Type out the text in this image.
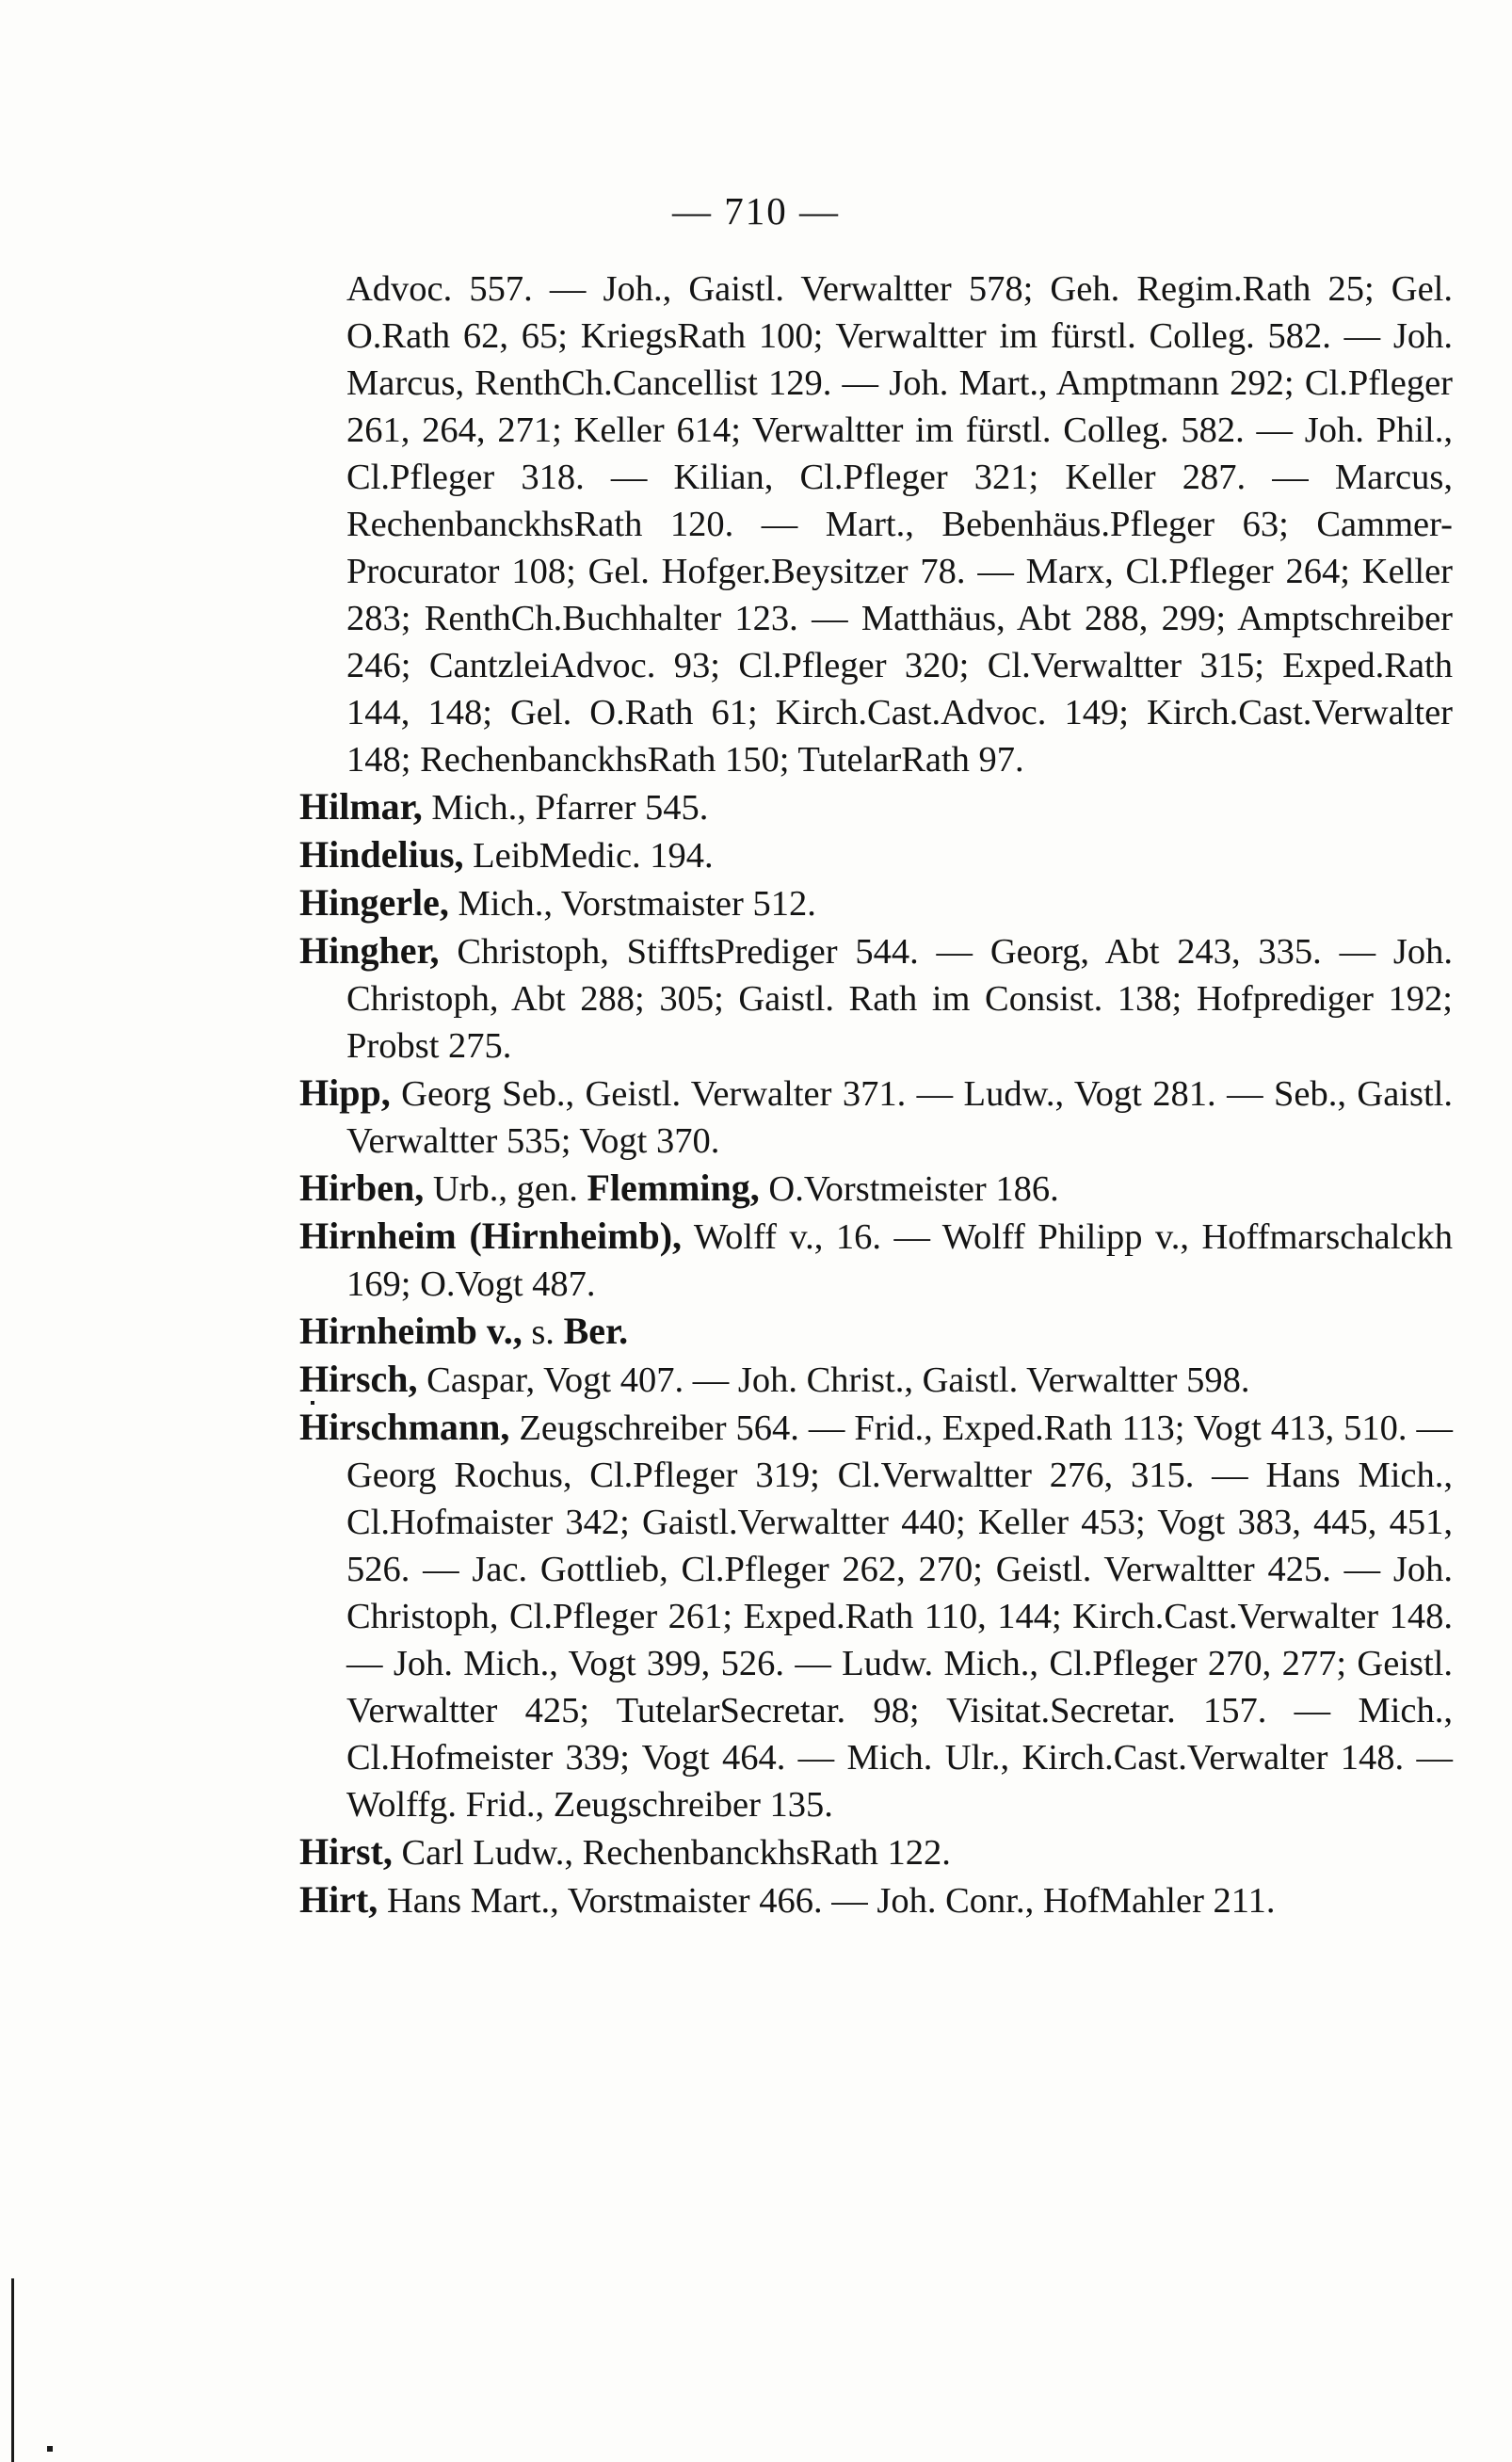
— 710 —

Advoc. 557. — Joh., Gaistl. Verwaltter 578; Geh. Regim.Rath 25; Gel. O.Rath 62, 65; KriegsRath 100; Verwaltter im fürstl. Colleg. 582. — Joh. Marcus, RenthCh.Cancellist 129. — Joh. Mart., Amptmann 292; Cl.Pfleger 261, 264, 271; Keller 614; Verwaltter im fürstl. Colleg. 582. — Joh. Phil., Cl.Pfleger 318. — Kilian, Cl.Pfleger 321; Keller 287. — Marcus, RechenbanckhsRath 120. — Mart., Bebenhäus.Pfleger 63; Cammer-Procurator 108; Gel. Hofger.Beysitzer 78. — Marx, Cl.Pfleger 264; Keller 283; RenthCh.Buchhalter 123. — Matthäus, Abt 288, 299; Amptschreiber 246; CantzleiAdvoc. 93; Cl.Pfleger 320; Cl.Verwaltter 315; Exped.Rath 144, 148; Gel. O.Rath 61; Kirch.Cast.Advoc. 149; Kirch.Cast.Verwalter 148; RechenbanckhsRath 150; TutelarRath 97.

Hilmar, Mich., Pfarrer 545.

Hindelius, LeibMedic. 194.

Hingerle, Mich., Vorstmaister 512.

Hingher, Christoph, StifftsPrediger 544. — Georg, Abt 243, 335. — Joh. Christoph, Abt 288; 305; Gaistl. Rath im Consist. 138; Hofprediger 192; Probst 275.

Hipp, Georg Seb., Geistl. Verwalter 371. — Ludw., Vogt 281. — Seb., Gaistl. Verwaltter 535; Vogt 370.

Hirben, Urb., gen. Flemming, O.Vorstmeister 186.

Hirnheim (Hirnheimb), Wolff v., 16. — Wolff Philipp v., Hoffmarschalckh 169; O.Vogt 487.

Hirnheimb v., s. Ber.

Hirsch, Caspar, Vogt 407. — Joh. Christ., Gaistl. Verwaltter 598.

Hirschmann, Zeugschreiber 564. — Frid., Exped.Rath 113; Vogt 413, 510. — Georg Rochus, Cl.Pfleger 319; Cl.Verwaltter 276, 315. — Hans Mich., Cl.Hofmaister 342; Gaistl.Verwaltter 440; Keller 453; Vogt 383, 445, 451, 526. — Jac. Gottlieb, Cl.Pfleger 262, 270; Geistl. Verwaltter 425. — Joh. Christoph, Cl.Pfleger 261; Exped.Rath 110, 144; Kirch.Cast.Verwalter 148. — Joh. Mich., Vogt 399, 526. — Ludw. Mich., Cl.Pfleger 270, 277; Geistl. Verwaltter 425; TutelarSecretar. 98; Visitat.Secretar. 157. — Mich., Cl.Hofmeister 339; Vogt 464. — Mich. Ulr., Kirch.Cast.Verwalter 148. — Wolffg. Frid., Zeugschreiber 135.

Hirst, Carl Ludw., RechenbanckhsRath 122.

Hirt, Hans Mart., Vorstmaister 466. — Joh. Conr., HofMahler 211.
